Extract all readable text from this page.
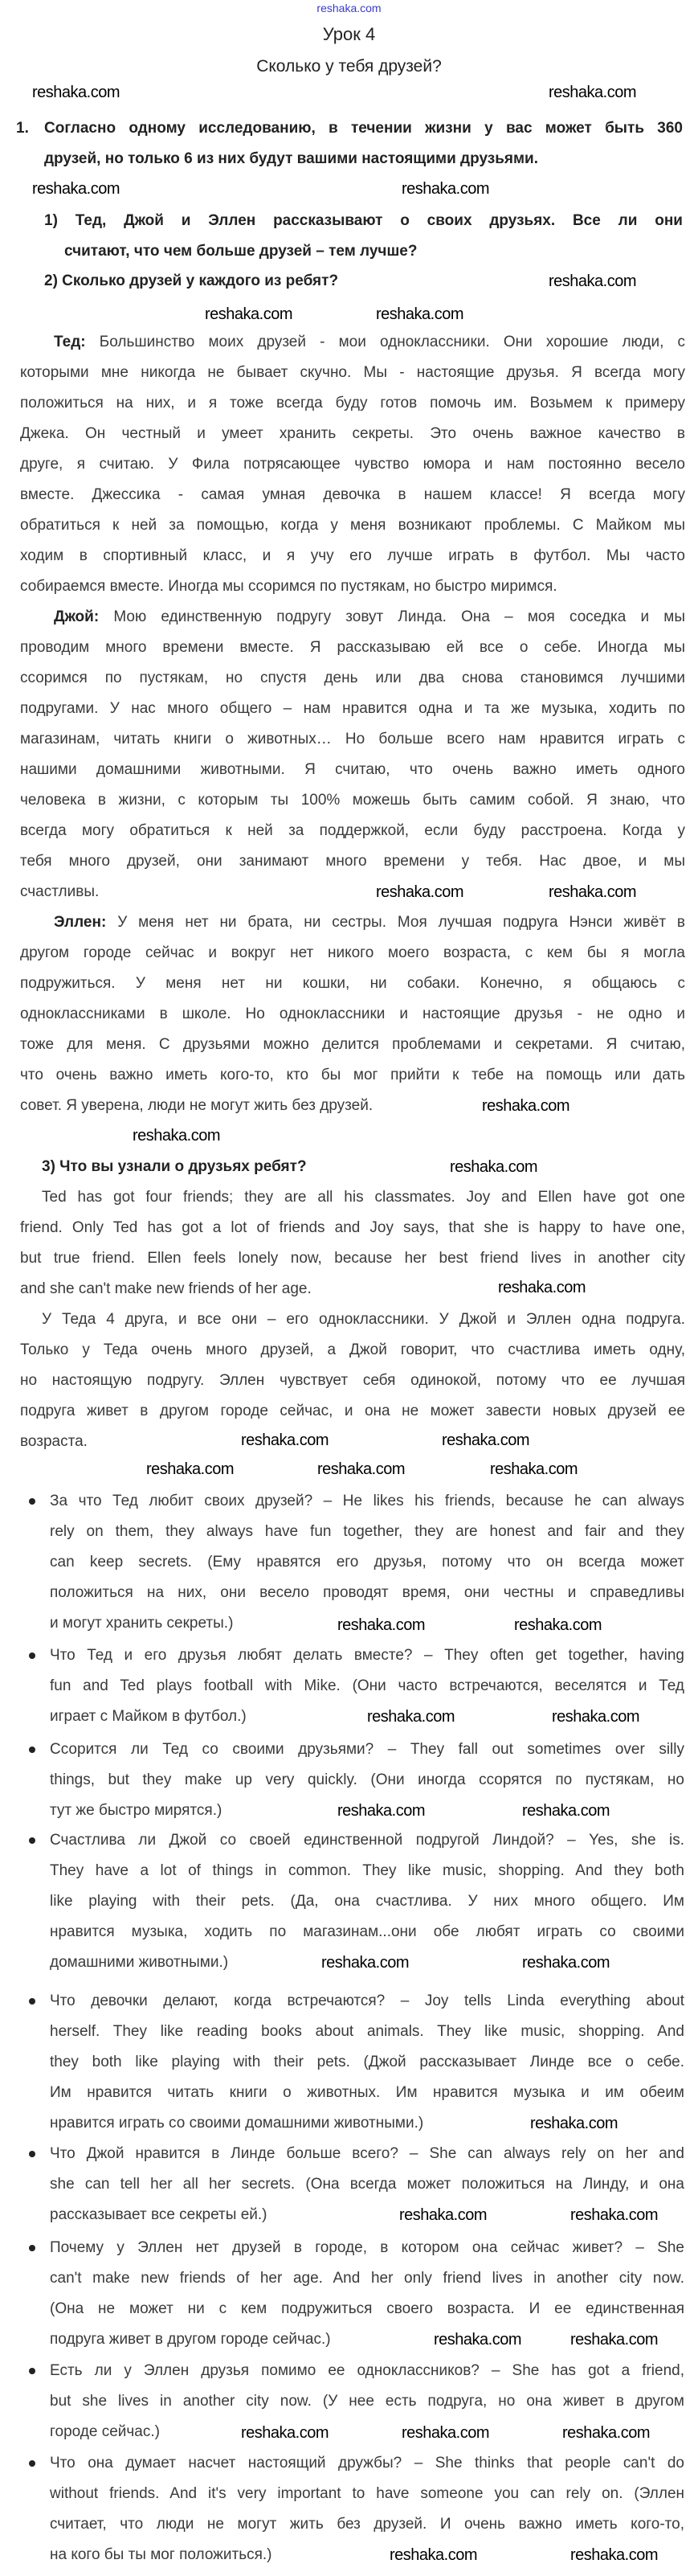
reshaka.com
Урок 4
Сколько у тебя друзей?
1. Согласно одному исследованию, в течении жизни у вас может быть 360
друзей, но только 6 из них будут вашими настоящими друзьями.
1) Тед, Джой и Эллен рассказывают о своих друзьях. Все ли они
считают, что чем больше друзей – тем лучше?
2) Сколько друзей у каждого из ребят?
Тед: Большинство моих друзей - мои одноклассники. Они хорошие люди, с
которыми мне никогда не бывает скучно. Мы - настоящие друзья. Я всегда могу
положиться на них, и я тоже всегда буду готов помочь им. Возьмем к примеру
Джека. Он честный и умеет хранить секреты. Это очень важное качество в
друге, я считаю. У Фила потрясающее чувство юмора и нам постоянно весело
вместе. Джессика - самая умная девочка в нашем классе! Я всегда могу
обратиться к ней за помощью, когда у меня возникают проблемы. С Майком мы
ходим в спортивный класс, и я учу его лучше играть в футбол. Мы часто
собираемся вместе. Иногда мы ссоримся по пустякам, но быстро миримся.
Джой: Мою единственную подругу зовут Линда. Она – моя соседка и мы
проводим много времени вместе. Я рассказываю ей все о себе. Иногда мы
ссоримся по пустякам, но спустя день или два снова становимся лучшими
подругами. У нас много общего – нам нравится одна и та же музыка, ходить по
магазинам, читать книги о животных… Но больше всего нам нравится играть с
нашими домашними животными. Я считаю, что очень важно иметь одного
человека в жизни, с которым ты 100% можешь быть самим собой. Я знаю, что
всегда могу обратиться к ней за поддержкой, если буду расстроена. Когда у
тебя много друзей, они занимают много времени у тебя. Нас двое, и мы
счастливы.
Эллен: У меня нет ни брата, ни сестры. Моя лучшая подруга Нэнси живёт в
другом городе сейчас и вокруг нет никого моего возраста, с кем бы я могла
подружиться. У меня нет ни кошки, ни собаки. Конечно, я общаюсь с
одноклассниками в школе. Но одноклассники и настоящие друзья - не одно и
тоже для меня. С друзьями можно делится проблемами и секретами. Я считаю,
что очень важно иметь кого-то, кто бы мог прийти к тебе на помощь или дать
совет. Я уверена, люди не могут жить без друзей.
3) Что вы узнали о друзьях ребят?
Ted has got four friends; they are all his classmates. Joy and Ellen have got one
friend. Only Ted has got a lot of friends and Joy says, that she is happy to have one,
but true friend. Ellen feels lonely now, because her best friend lives in another city
and she can't make new friends of her age.
У Теда 4 друга, и все они – его одноклассники. У Джой и Эллен одна подруга.
Только у Теда очень много друзей, а Джой говорит, что счастлива иметь одну,
но настоящую подругу. Эллен чувствует себя одинокой, потому что ее лучшая
подруга живет в другом городе сейчас, и она не может завести новых друзей ее
возраста.
За что Тед любит своих друзей? – He likes his friends, because he can always
rely on them, they always have fun together, they are honest and fair and they
can keep secrets. (Ему нравятся его друзья, потому что он всегда может
положиться на них, они весело проводят время, они честны и справедливы
и могут хранить секреты.)
Что Тед и его друзья любят делать вместе? – They often get together, having
fun and Ted plays football with Mike. (Они часто встречаются, веселятся и Тед
играет с Майком в футбол.)
Ссорится ли Тед со своими друзьями? – They fall out sometimes over silly
things, but they make up very quickly. (Они иногда ссорятся по пустякам, но
тут же быстро мирятся.)
Счастлива ли Джой со своей единственной подругой Линдой? – Yes, she is.
They have a lot of things in common. They like music, shopping. And they both
like playing with their pets. (Да, она счастлива. У них много общего. Им
нравится музыка, ходить по магазинам...они обе любят играть со своими
домашними животными.)
Что девочки делают, когда встречаются? – Joy tells Linda everything about
herself. They like reading books about animals. They like music, shopping. And
they both like playing with their pets. (Джой рассказывает Линде все о себе.
Им нравится читать книги о животных. Им нравится музыка и им обеим
нравится играть со своими домашними животными.)
Что Джой нравится в Линде больше всего? – She can always rely on her and
she can tell her all her secrets. (Она всегда может положиться на Линду, и она
рассказывает все секреты ей.)
Почему у Эллен нет друзей в городе, в котором она сейчас живет? – She
can't make new friends of her age. And her only friend lives in another city now.
(Она не может ни с кем подружиться своего возраста. И ее единственная
подруга живет в другом городе сейчас.)
Есть ли у Эллен друзья помимо ее одноклассников? – She has got a friend,
but she lives in another city now. (У нее есть подруга, но она живет в другом
городе сейчас.)
Что она думает насчет настоящий дружбы? – She thinks that people can't do
without friends. And it's very important to have someone you can rely on. (Эллен
считает, что люди не могут жить без друзей. И очень важно иметь кого-то,
на кого бы ты мог положиться.)
reshaka.com	reshaka.com
reshaka.com	reshaka.com
reshaka.com
reshaka.com	reshaka.com
reshaka.com	reshaka.com
reshaka.com
reshaka.com
reshaka.com
reshaka.com
reshaka.com	reshaka.com
reshaka.com	reshaka.com	reshaka.com
reshaka.com	reshaka.com
reshaka.com	reshaka.com
reshaka.com	reshaka.com
reshaka.com	reshaka.com
reshaka.com
reshaka.com	reshaka.com
reshaka.com	reshaka.com
reshaka.com	reshaka.com	reshaka.com
reshaka.com	reshaka.com
